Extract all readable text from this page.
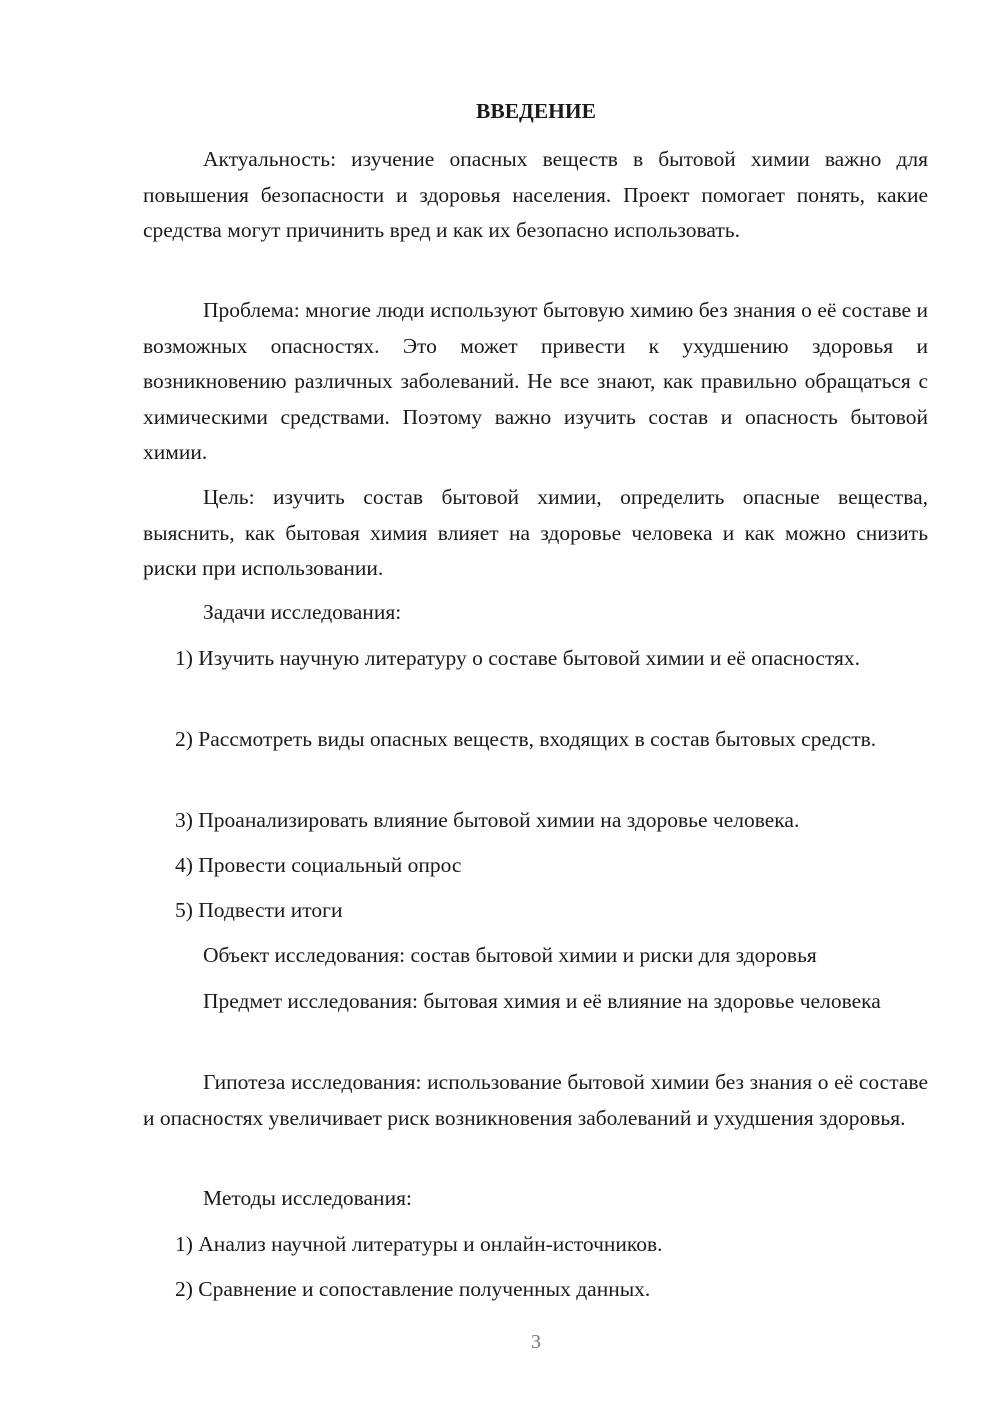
ВВЕДЕНИЕ

Актуальность: изучение опасных веществ в бытовой химии важно для повышения безопасности и здоровья населения. Проект помогает понять, какие средства могут причинить вред и как их безопасно использовать.

Проблема: многие люди используют бытовую химию без знания о её составе и возможных опасностях. Это может привести к ухудшению здоровья и возникновению различных заболеваний. Не все знают, как правильно обращаться с химическими средствами. Поэтому важно изучить состав и опасность бытовой химии.

Цель: изучить состав бытовой химии, определить опасные вещества, выяснить, как бытовая химия влияет на здоровье человека и как можно снизить риски при использовании.

Задачи исследования:

1) Изучить научную литературу о составе бытовой химии и её опасностях.

2) Рассмотреть виды опасных веществ, входящих в состав бытовых средств.

3) Проанализировать влияние бытовой химии на здоровье человека.

4) Провести социальный опрос

5) Подвести итоги

Объект исследования: состав бытовой химии и риски для здоровья

Предмет исследования: бытовая химия и её влияние на здоровье человека

Гипотеза исследования: использование бытовой химии без знания о её составе и опасностях увеличивает риск возникновения заболеваний и ухудшения здоровья.

Методы исследования:

1) Анализ научной литературы и онлайн-источников.

2) Сравнение и сопоставление полученных данных.

3
